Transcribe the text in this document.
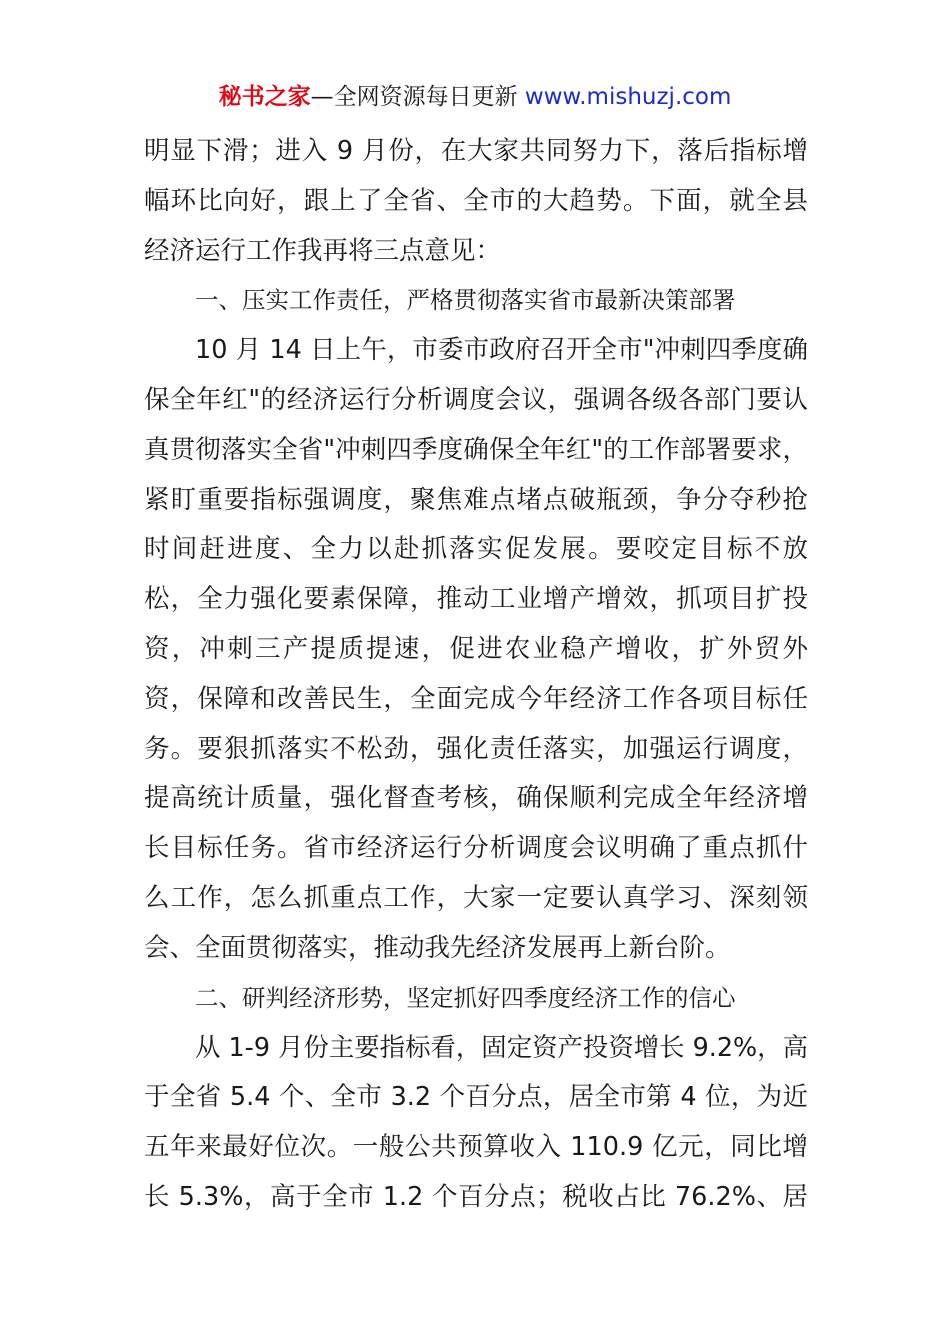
秘书之家—全网资源每日更新 www.mishuzj.com
明显下滑；进入 9 月份，在大家共同努力下，落后指标增
幅环比向好，跟上了全省、全市的大趋势。下面，就全县
经济运行工作我再将三点意见：
一、压实工作责任，严格贯彻落实省市最新决策部署
10 月 14 日上午，市委市政府召开全市"冲刺四季度确
保全年红"的经济运行分析调度会议，强调各级各部门要认
真贯彻落实全省"冲刺四季度确保全年红"的工作部署要求，
紧盯重要指标强调度，聚焦难点堵点破瓶颈，争分夺秒抢
时间赶进度、全力以赴抓落实促发展。要咬定目标不放
松，全力强化要素保障，推动工业增产增效，抓项目扩投
资，冲刺三产提质提速，促进农业稳产增收，扩外贸外
资，保障和改善民生，全面完成今年经济工作各项目标任
务。要狠抓落实不松劲，强化责任落实，加强运行调度，
提高统计质量，强化督查考核，确保顺利完成全年经济增
长目标任务。省市经济运行分析调度会议明确了重点抓什
么工作，怎么抓重点工作，大家一定要认真学习、深刻领
会、全面贯彻落实，推动我先经济发展再上新台阶。
二、研判经济形势，坚定抓好四季度经济工作的信心
从 1-9 月份主要指标看，固定资产投资增长 9.2%，高
于全省 5.4 个、全市 3.2 个百分点，居全市第 4 位，为近
五年来最好位次。一般公共预算收入 110.9 亿元，同比增
长 5.3%，高于全市 1.2 个百分点；税收占比 76.2%、居
